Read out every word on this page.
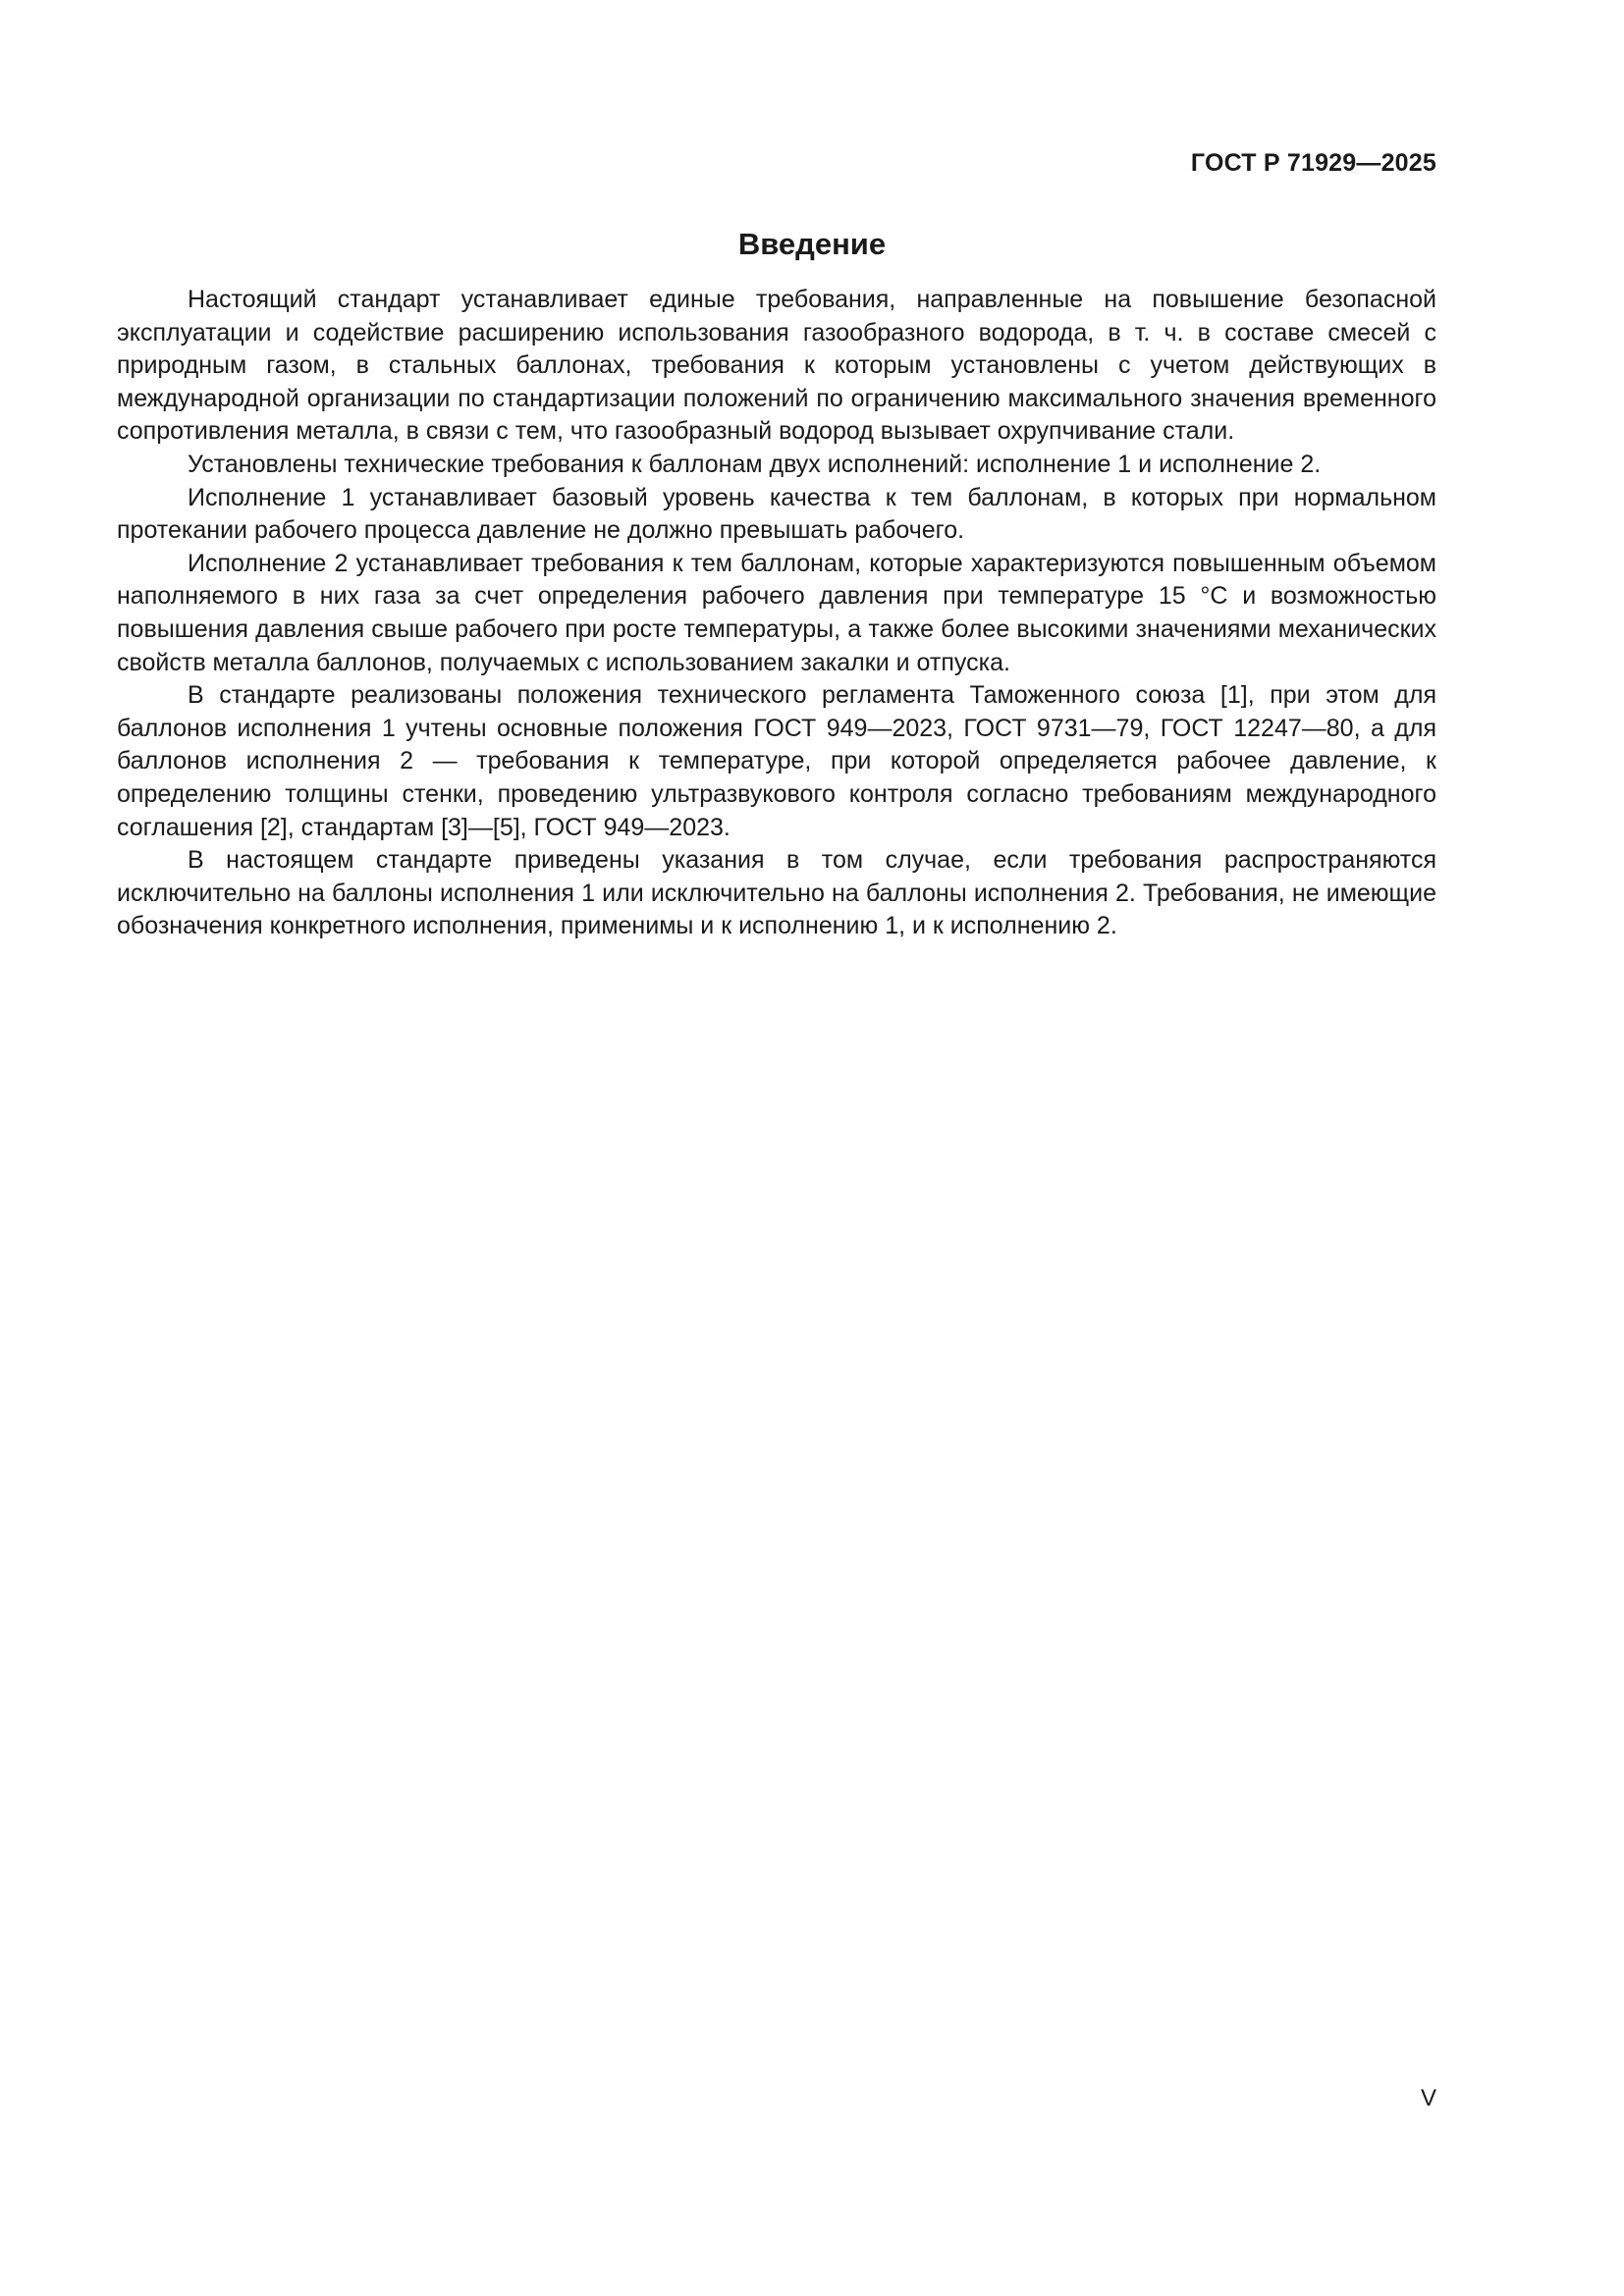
ГОСТ Р 71929—2025
Введение

Настоящий стандарт устанавливает единые требования, направленные на повышение безопасной эксплуатации и содействие расширению использования газообразного водорода, в т. ч. в составе смесей с природным газом, в стальных баллонах, требования к которым установлены с учетом действующих в международной организации по стандартизации положений по ограничению максимального значения временного сопротивления металла, в связи с тем, что газообразный водород вызывает охрупчивание стали.

Установлены технические требования к баллонам двух исполнений: исполнение 1 и исполнение 2.

Исполнение 1 устанавливает базовый уровень качества к тем баллонам, в которых при нормальном протекании рабочего процесса давление не должно превышать рабочего.

Исполнение 2 устанавливает требования к тем баллонам, которые характеризуются повышенным объемом наполняемого в них газа за счет определения рабочего давления при температуре 15 °C и возможностью повышения давления свыше рабочего при росте температуры, а также более высокими значениями механических свойств металла баллонов, получаемых с использованием закалки и отпуска.

В стандарте реализованы положения технического регламента Таможенного союза [1], при этом для баллонов исполнения 1 учтены основные положения ГОСТ 949—2023, ГОСТ 9731—79, ГОСТ 12247—80, а для баллонов исполнения 2 — требования к температуре, при которой определяется рабочее давление, к определению толщины стенки, проведению ультразвукового контроля согласно требованиям международного соглашения [2], стандартам [3]—[5], ГОСТ 949—2023.

В настоящем стандарте приведены указания в том случае, если требования распространяются исключительно на баллоны исполнения 1 или исключительно на баллоны исполнения 2. Требования, не имеющие обозначения конкретного исполнения, применимы и к исполнению 1, и к исполнению 2.

V
